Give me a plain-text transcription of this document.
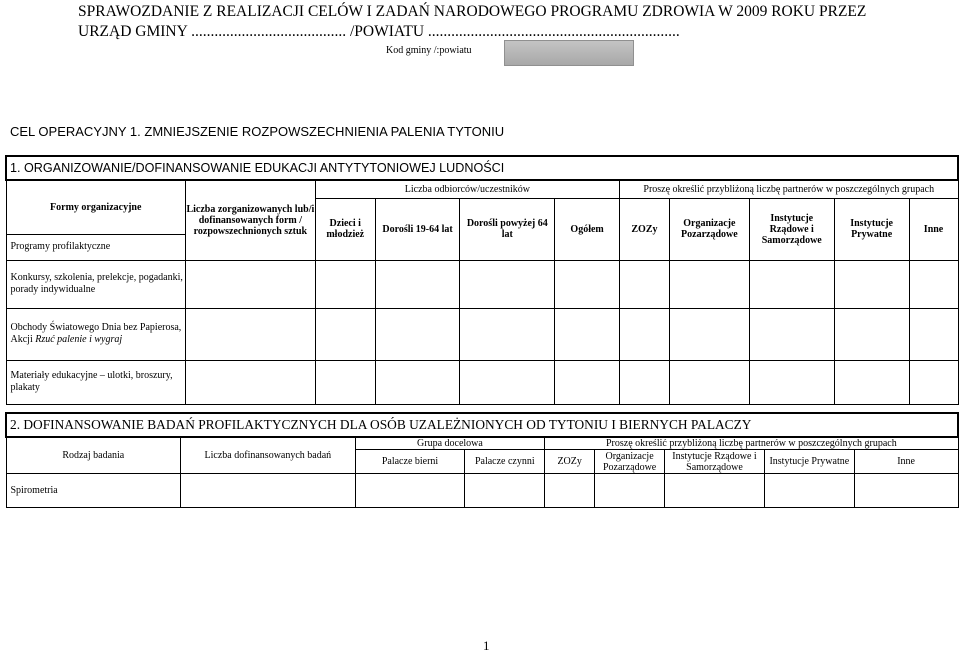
SPRAWOZDANIE Z REALIZACJI CELÓW I ZADAŃ NARODOWEGO PROGRAMU ZDROWIA W 2009 ROKU PRZEZ
URZĄD GMINY ........................................ /POWIATU .................................................................
Kod gminy /:powiatu
CEL OPERACYJNY 1. ZMNIEJSZENIE ROZPOWSZECHNIENIA PALENIA TYTONIU
1. ORGANIZOWANIE/DOFINANSOWANIE EDUKACJI ANTYTYTONIOWEJ LUDNOŚCI										
Formy organizacyjne	Liczba zorganizowanych lub/i dofinansowanych form / rozpowszechnionych sztuk	Liczba odbiorców/uczestników				Proszę określić przybliżoną liczbę partnerów w poszczególnych grupach				
		Dzieci i młodzież	Dorośli 19-64 lat	Dorośli powyżej 64 lat	Ogółem	ZOZy	Organizacje Pozarządowe	Instytucje Rządowe i Samorządowe	Instytucje Prywatne	Inne
Programy profilaktyczne										
Konkursy, szkolenia, prelekcje, pogadanki, porady indywidualne										
Obchody Światowego Dnia bez Papierosa,
Akcji Rzuć palenie i wygraj										
Materiały edukacyjne – ulotki, broszury, plakaty										
2. DOFINANSOWANIE BADAŃ PROFILAKTYCZNYCH DLA OSÓB UZALEŻNIONYCH OD TYTONIU I BIERNYCH PALACZY								
Rodzaj badania	Liczba dofinansowanych badań	Grupa docelowa		Proszę określić przybliżoną liczbę partnerów w poszczególnych grupach				
		Palacze bierni	Palacze czynni	ZOZy	Organizacje Pozarządowe	Instytucje Rządowe i Samorządowe	Instytucje Prywatne	Inne
Spirometria								
1
